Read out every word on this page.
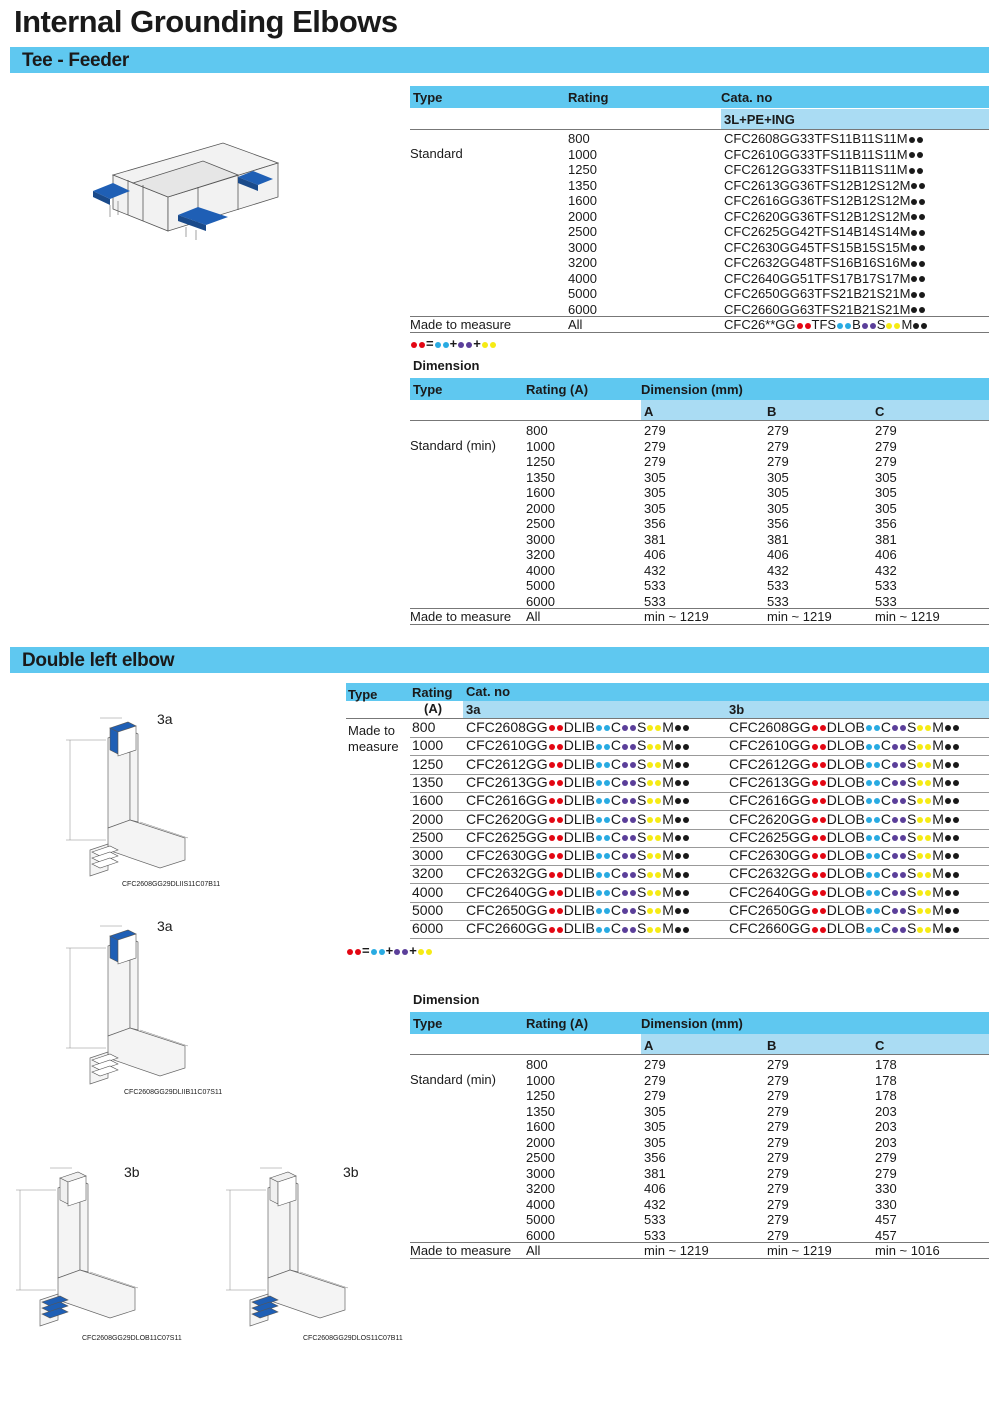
Internal Grounding Elbows
Tee - Feeder
Type	Rating	Cata. no
3L+PE+ING
Standard
800	CFC2608GG33TFS11B11S11M
1000	CFC2610GG33TFS11B11S11M
1250	CFC2612GG33TFS11B11S11M
1350	CFC2613GG36TFS12B12S12M
1600	CFC2616GG36TFS12B12S12M
2000	CFC2620GG36TFS12B12S12M
2500	CFC2625GG42TFS14B14S14M
3000	CFC2630GG45TFS15B15S15M
3200	CFC2632GG48TFS16B16S16M
4000	CFC2640GG51TFS17B17S17M
5000	CFC2650GG63TFS21B21S21M
6000	CFC2660GG63TFS21B21S21M
Made to measure	All	CFC26**GG TFS B S M
= + +
Dimension
Type	Rating (A)	Dimension (mm)
A	B	C
Standard (min)
800	279	279	279
1000	279	279	279
1250	279	279	279
1350	305	305	305
1600	305	305	305
2000	305	305	305
2500	356	356	356
3000	381	381	381
3200	406	406	406
4000	432	432	432
5000	533	533	533
6000	533	533	533
Made to measure All	min ~ 1219	min ~ 1219	min ~ 1219
Double left elbow
Type	Rating
(A)
Cat. no
3a	3b
Made to
measure
800 CFC2608GG DLIB C S M	CFC2608GG DLOB C S M
1000 CFC2610GG DLIB C S M	CFC2610GG DLOB C S M
1250 CFC2612GG DLIB C S M	CFC2612GG DLOB C S M
1350 CFC2613GG DLIB C S M	CFC2613GG DLOB C S M
1600 CFC2616GG DLIB C S M	CFC2616GG DLOB C S M
2000 CFC2620GG DLIB C S M	CFC2620GG DLOB C S M
2500 CFC2625GG DLIB C S M	CFC2625GG DLOB C S M
3000 CFC2630GG DLIB C S M	CFC2630GG DLOB C S M
3200 CFC2632GG DLIB C S M	CFC2632GG DLOB C S M
4000 CFC2640GG DLIB C S M	CFC2640GG DLOB C S M
5000 CFC2650GG DLIB C S M	CFC2650GG DLOB C S M
6000 CFC2660GG DLIB C S M	CFC2660GG DLOB C S M
= + +
Dimension
Type	Rating (A)	Dimension (mm)
A	B	C
Standard (min)
800	279	279	178
1000	279	279	178
1250	279	279	178
1350	305	279	203
1600	305	279	203
2000	305	279	203
2500	356	279	279
3000	381	279	279
3200	406	279	330
4000	432	279	330
5000	533	279	457
6000	533	279	457
Made to measure All	min ~ 1219	min ~ 1219	min ~ 1016
3a
CFC2608GG29DLIIS11C07B11
3a
CFC2608GG29DLIIB11C07S11
3b
CFC2608GG29DLOB11C07S11
3b
CFC2608GG29DLOS11C07B11
